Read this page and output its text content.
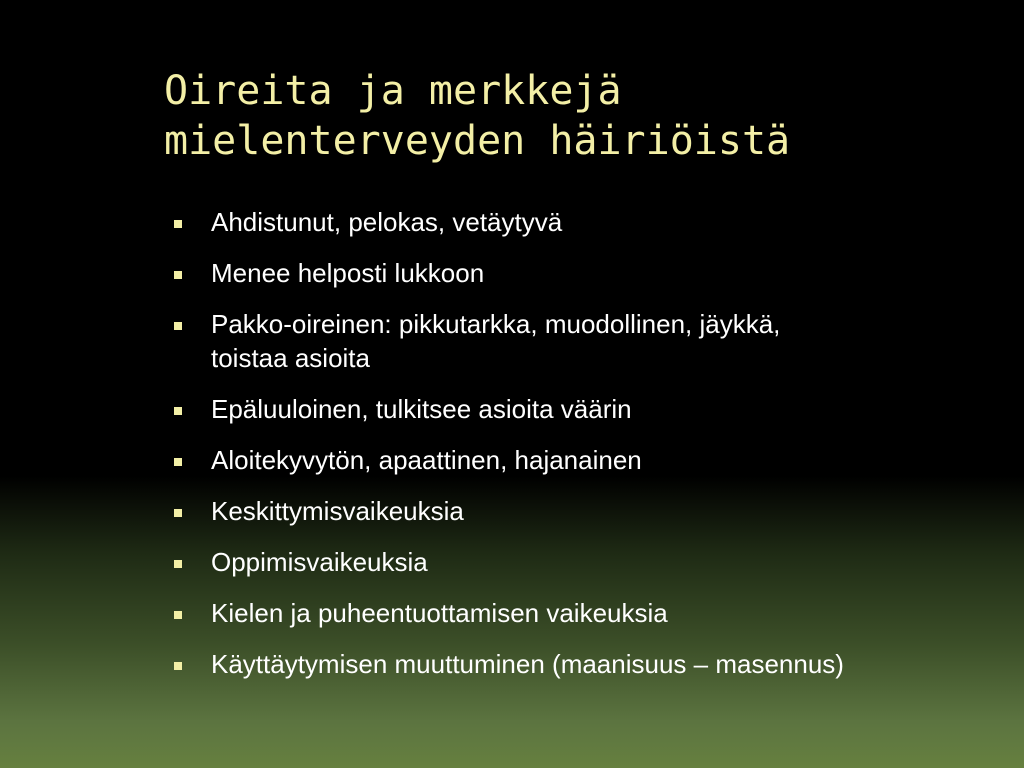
Oireita ja merkkejä
mielenterveyden häiriöistä
Ahdistunut, pelokas, vetäytyvä
Menee helposti lukkoon
Pakko-oireinen: pikkutarkka, muodollinen, jäykkä,
toistaa asioita
Epäluuloinen, tulkitsee asioita väärin
Aloitekyvytön, apaattinen, hajanainen
Keskittymisvaikeuksia
Oppimisvaikeuksia
Kielen ja puheentuottamisen vaikeuksia
Käyttäytymisen muuttuminen (maanisuus – masennus)
